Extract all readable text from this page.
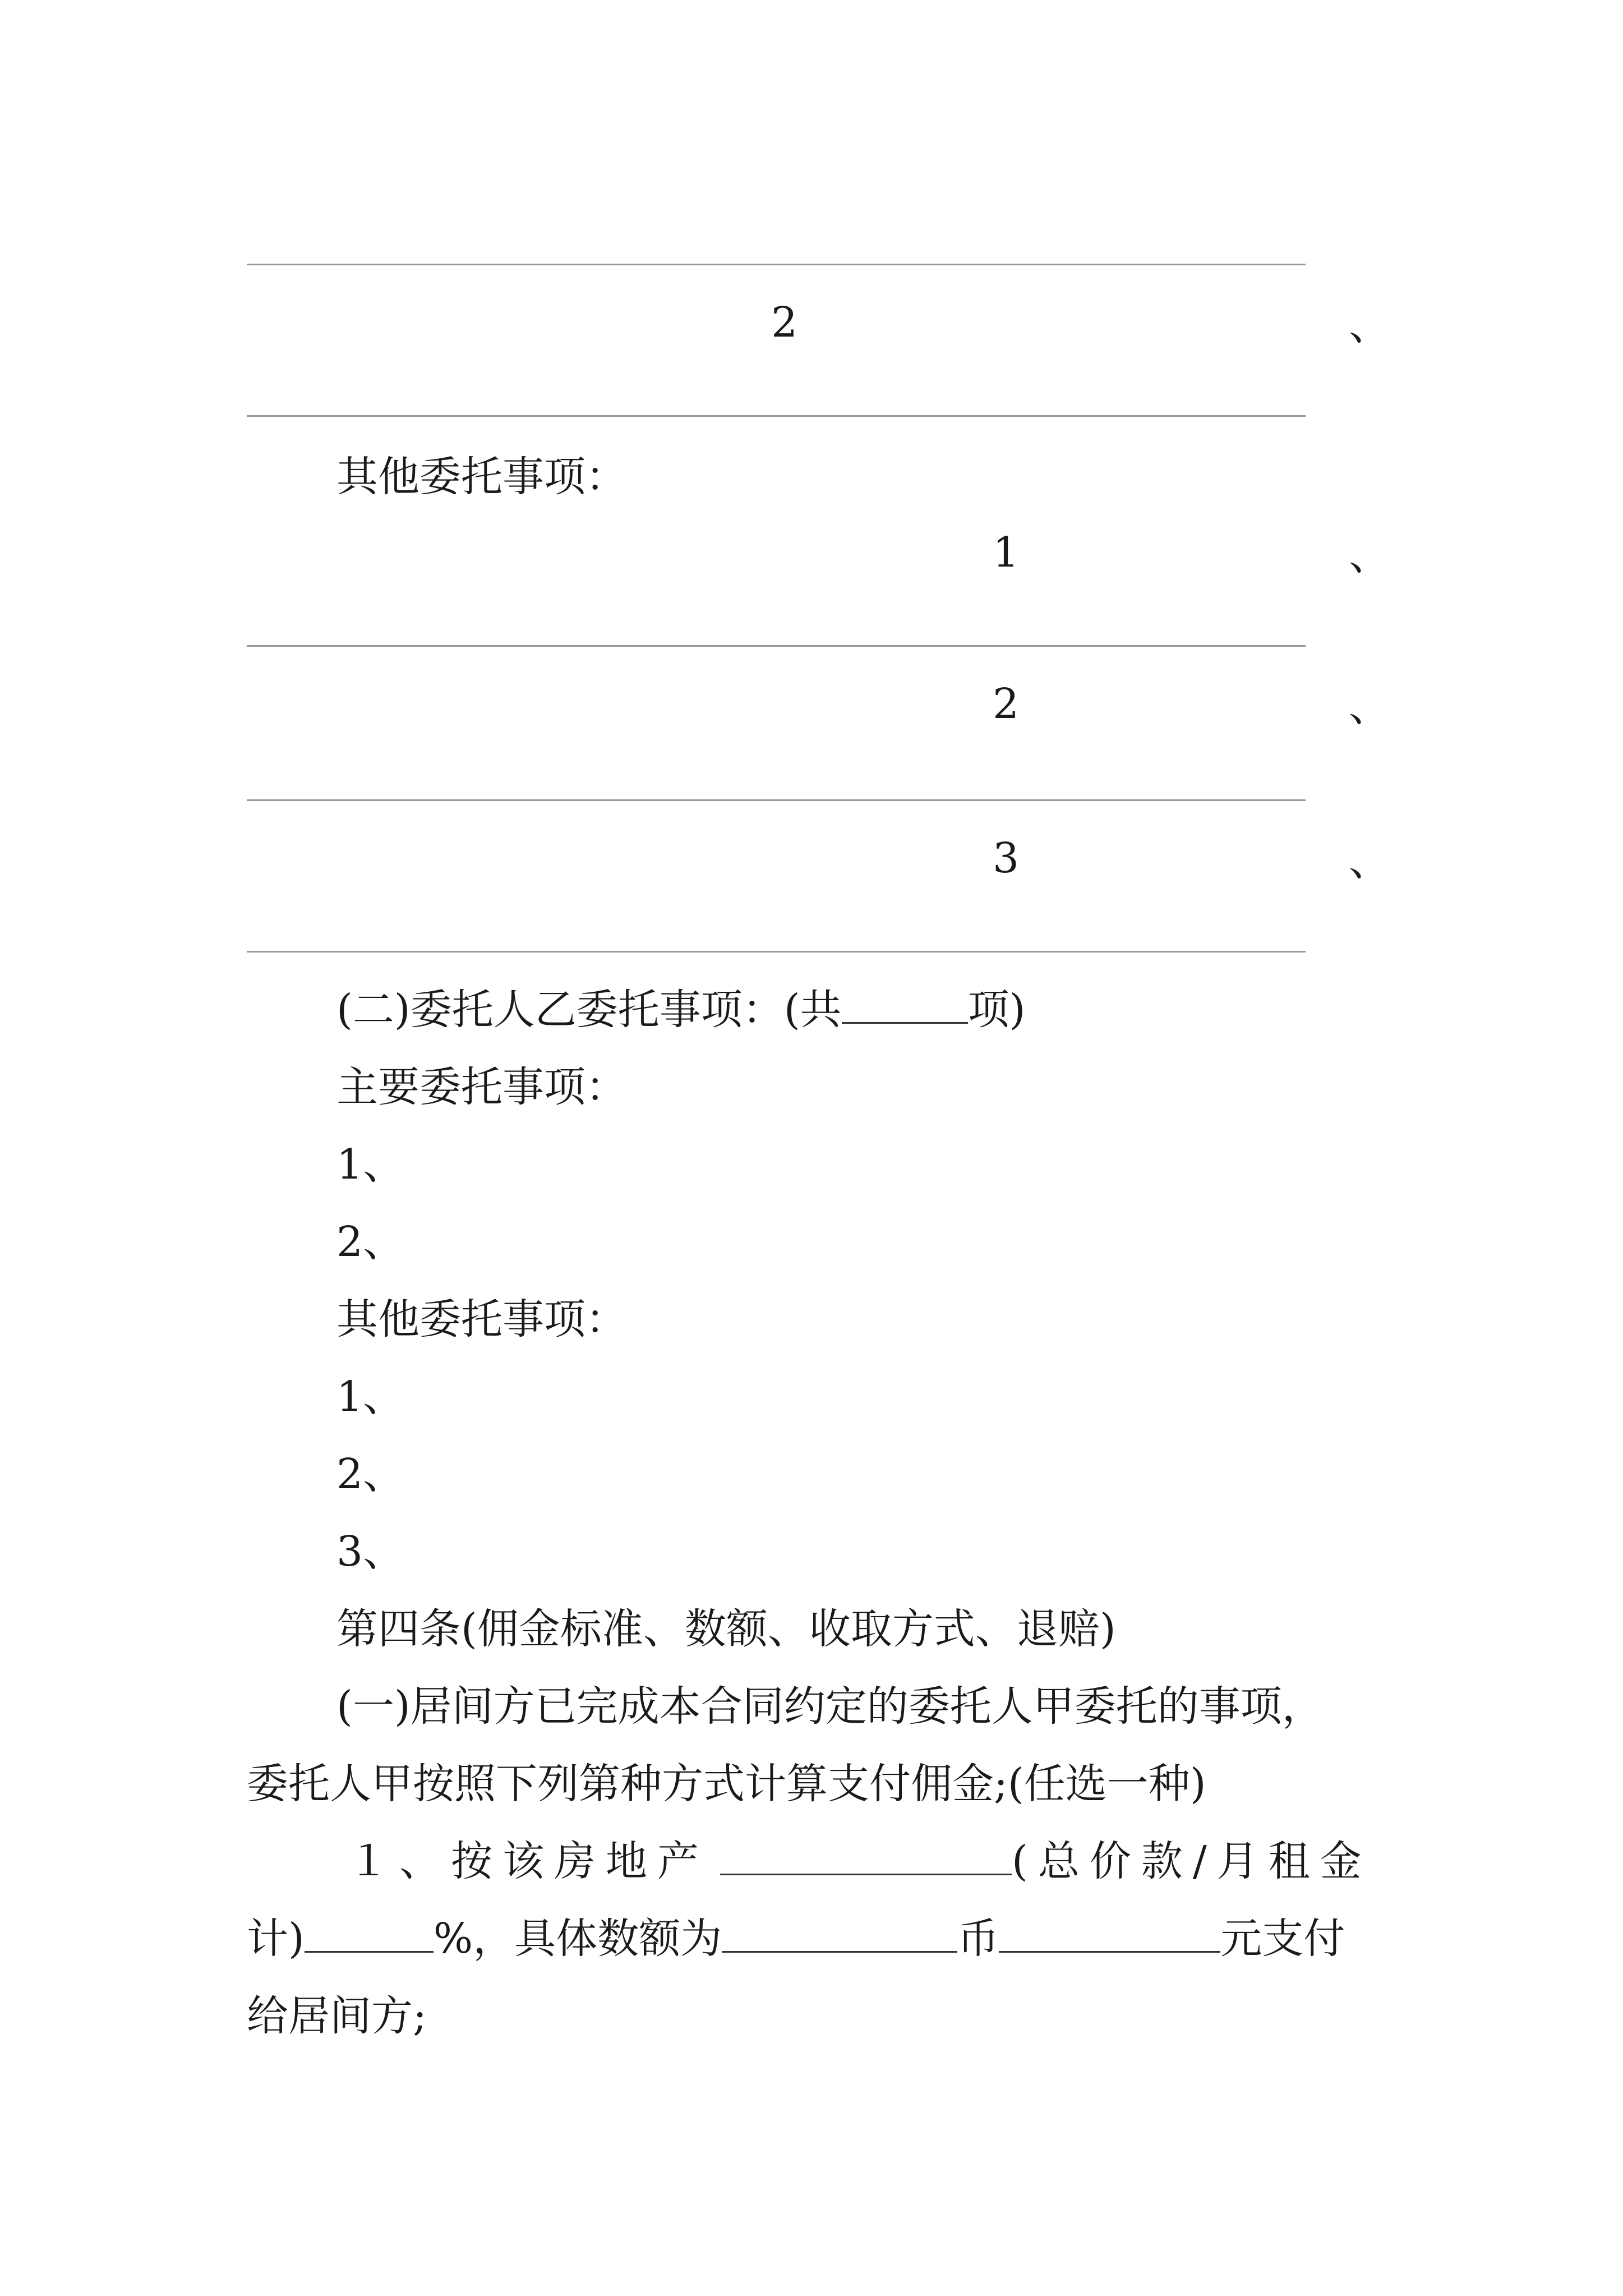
2	、
其他委托事项：
1	、
2	、
3	、
(二)委托人乙委托事项：(共	项)
主要委托事项：
1、
2、
其他委托事项：
1、
2、
3、
第四条(佣金标准、数额、收取方式、退赔)
(一)居间方已完成本合同约定的委托人甲委托的事项，
委托人甲按照下列第种方式计算支付佣金;(任选一种)
１、按该房地产	(总价款/月租金
计)	%，具体数额为	币	元支付
给居间方;
